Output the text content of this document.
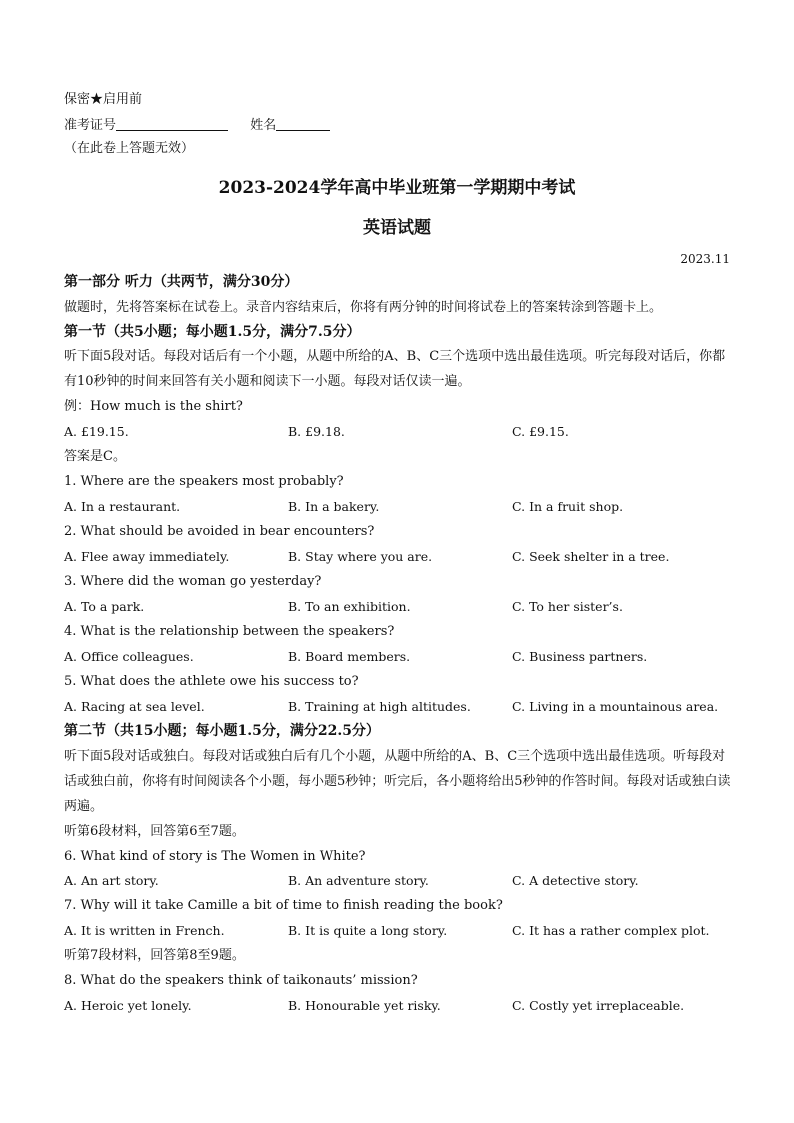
保密★启用前
准考证号	姓名
（在此卷上答题无效）
2023-2024学年高中毕业班第一学期期中考试
英语试题
2023.11
第一部分 听力（共两节，满分30分）
做题时，先将答案标在试卷上。录音内容结束后，你将有两分钟的时间将试卷上的答案转涂到答题卡上。
第一节（共5小题；每小题1.5分，满分7.5分）
听下面5段对话。每段对话后有一个小题，从题中所给的A、B、C三个选项中选出最佳选项。听完每段对话后，你都有10秒钟的时间来回答有关小题和阅读下一小题。每段对话仅读一遍。
例：How much is the shirt?
A. £19.15.	B. £9.18.	C. £9.15.
答案是C。
1. Where are the speakers most probably?
A. In a restaurant.	B. In a bakery.	C. In a fruit shop.
2. What should be avoided in bear encounters?
A. Flee away immediately.	B. Stay where you are.	C. Seek shelter in a tree.
3. Where did the woman go yesterday?
A. To a park.	B. To an exhibition.	C. To her sister’s.
4. What is the relationship between the speakers?
A. Office colleagues.	B. Board members.	C. Business partners.
5. What does the athlete owe his success to?
A. Racing at sea level.	B. Training at high altitudes.	C. Living in a mountainous area.
第二节（共15小题；每小题1.5分，满分22.5分）
听下面5段对话或独白。每段对话或独白后有几个小题，从题中所给的A、B、C三个选项中选出最佳选项。听每段对话或独白前，你将有时间阅读各个小题，每小题5秒钟；听完后，各小题将给出5秒钟的作答时间。每段对话或独白读两遍。
听第6段材料，回答第6至7题。
6. What kind of story is The Women in White?
A. An art story.	B. An adventure story.	C. A detective story.
7. Why will it take Camille a bit of time to finish reading the book?
A. It is written in French.	B. It is quite a long story.	C. It has a rather complex plot.
听第7段材料，回答第8至9题。
8. What do the speakers think of taikonauts’ mission?
A. Heroic yet lonely.	B. Honourable yet risky.	C. Costly yet irreplaceable.
